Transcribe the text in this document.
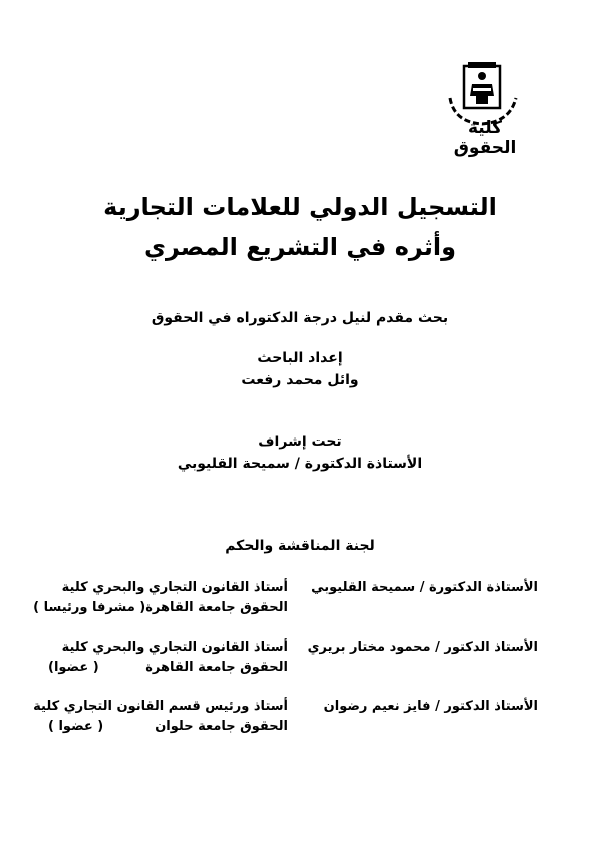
كلية الحقوق
التسجيل الدولي للعلامات التجارية
وأثره في التشريع المصري
بحث مقدم لنيل درجة الدكتوراه في الحقوق
إعداد الباحث
وائل محمد رفعت
تحت إشراف
الأستاذة الدكتورة / سميحة القليوبي
لجنة المناقشة والحكم
الأستاذة الدكتورة / سميحة القليوبي
أستاذ القانون التجاري والبحري كلية
الحقوق جامعة القاهرة
( مشرفا ورئيسا )
الأستاذ الدكتور / محمود مختار بريري
أستاذ القانون التجاري والبحري كلية
الحقوق جامعة القاهرة
( عضوا)
الأستاذ الدكتور / فايز نعيم رضوان
أستاذ ورئيس قسم القانون التجاري كلية
الحقوق جامعة حلوان
( عضوا )
